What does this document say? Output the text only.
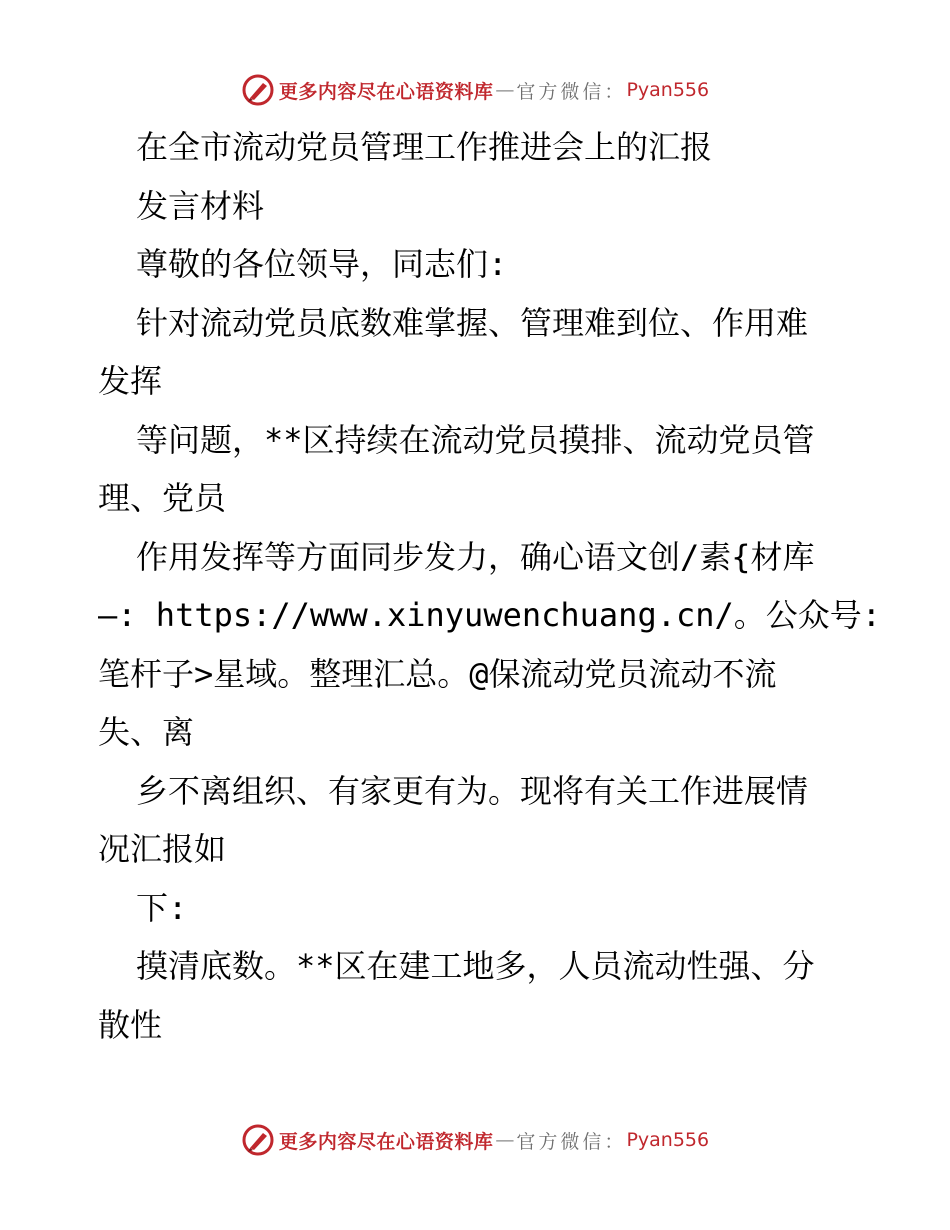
更多内容尽在心语资料库 — 官方微信： Pyan556
在全市流动党员管理工作推进会上的汇报
发言材料
尊敬的各位领导，同志们:
针对流动党员底数难掌握、管理难到位、作用难
发挥
等问题，**区持续在流动党员摸排、流动党员管
理、党员
作用发挥等方面同步发力，确心语文创/素{材库
—: https://www.xinyuwenchuang.cn/。公众号:
笔杆子>星域。整理汇总。@保流动党员流动不流
失、离
乡不离组织、有家更有为。现将有关工作进展情
况汇报如
下:
摸清底数。**区在建工地多，人员流动性强、分
散性
更多内容尽在心语资料库 — 官方微信： Pyan556
